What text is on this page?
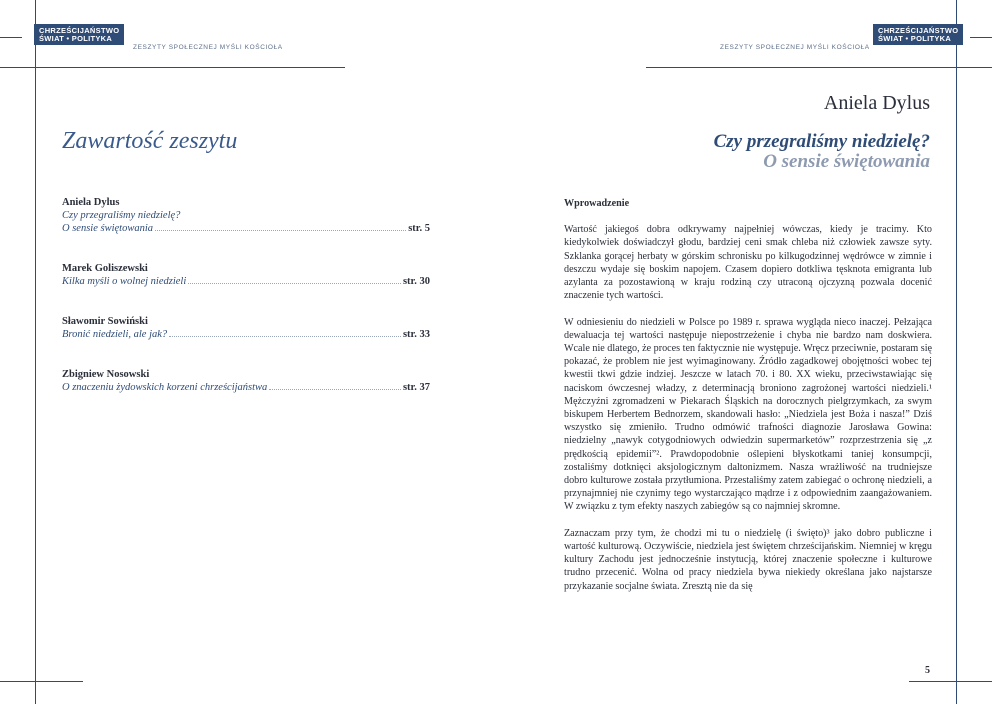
CHRZEŚCIJAŃSTWO
ŚWIAT • POLITYKA
ZESZYTY SPOŁECZNEJ MYŚLI KOŚCIOŁA
Zawartość zeszytu
Aniela Dylus
Czy przegraliśmy niedzielę?
O sensie świętowania	str. 5
Marek Goliszewski
Kilka myśli o wolnej niedzieli	str. 30
Sławomir Sowiński
Bronić niedzieli, ale jak?	str. 33
Zbigniew Nosowski
O znaczeniu żydowskich korzeni chrześcijaństwa	str. 37
ZESZYTY SPOŁECZNEJ MYŚLI KOŚCIOŁA
CHRZEŚCIJAŃSTWO
ŚWIAT • POLITYKA
Aniela Dylus
Czy przegraliśmy niedzielę?
O sensie świętowania
Wprowadzenie

Wartość jakiegoś dobra odkrywamy najpełniej wówczas, kiedy je tracimy. Kto kiedykolwiek doświadczył głodu, bardziej ceni smak chleba niż człowiek zawsze syty. Szklanka gorącej herbaty w górskim schronisku po kilkugodzinnej wędrówce w zimnie i deszczu wydaje się boskim napojem. Czasem dopiero dotkliwa tęsknota emigranta lub azylanta za pozostawioną w kraju rodziną czy utraconą ojczyzną pozwala docenić znaczenie tych wartości.

W odniesieniu do niedzieli w Polsce po 1989 r. sprawa wygląda nieco inaczej. Pełzająca dewaluacja tej wartości następuje niepostrzeżenie i chyba nie bardzo nam doskwiera. Wcale nie dlatego, że proces ten faktycznie nie występuje. Wręcz przeciwnie, postaram się pokazać, że problem nie jest wyimaginowany. Źródło zagadkowej obojętności wobec tej kwestii tkwi gdzie indziej. Jeszcze w latach 70. i 80. XX wieku, przeciwstawiając się naciskom ówczesnej władzy, z determinacją broniono zagrożonej wartości niedzieli.¹ Mężczyźni zgromadzeni w Piekarach Śląskich na dorocznych pielgrzymkach, za swym biskupem Herbertem Bednorzem, skandowali hasło: „Niedziela jest Boża i nasza!” Dziś wszystko się zmieniło. Trudno odmówić trafności diagnozie Jarosława Gowina: niedzielny „nawyk cotygodniowych odwiedzin supermarketów” rozprzestrzenia się „z prędkością epidemii”². Prawdopodobnie oślepieni błyskotkami taniej konsumpcji, zostaliśmy dotknięci aksjologicznym daltonizmem. Nasza wrażliwość na trudniejsze dobro kulturowe została przytłumiona. Przestaliśmy zatem zabiegać o ochronę niedzieli, a przynajmniej nie czynimy tego wystarczająco mądrze i z odpowiednim zaangażowaniem. W związku z tym efekty naszych zabiegów są co najmniej skromne.

Zaznaczam przy tym, że chodzi mi tu o niedzielę (i święto)³ jako dobro publiczne i wartość kulturową. Oczywiście, niedziela jest świętem chrześcijańskim. Niemniej w kręgu kultury Zachodu jest jednocześnie instytucją, której znaczenie społeczne i kulturowe trudno przecenić. Wolna od pracy niedziela bywa niekiedy określana jako najstarsze przykazanie socjalne świata. Zresztą nie da się

5
